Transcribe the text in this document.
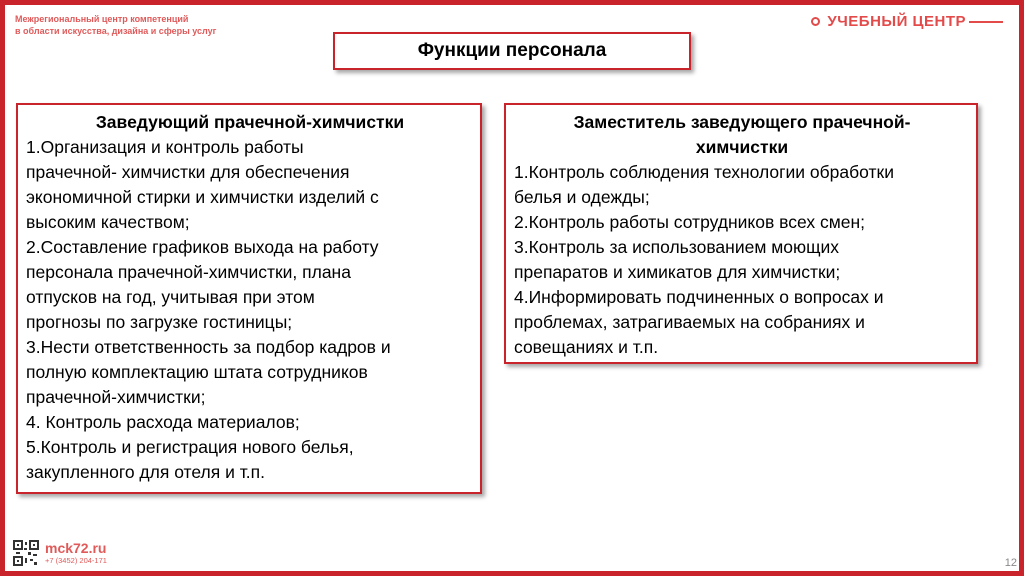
Межрегиональный центр компетенций
в области искусства, дизайна и сферы услуг
УЧЕБНЫЙ ЦЕНТР
Функции персонала
Заведующий прачечной-химчистки
1.Организация и контроль работы
прачечной- химчистки для обеспечения
экономичной стирки и химчистки изделий с
высоким качеством;
2.Составление графиков выхода на работу
персонала прачечной-химчистки, плана
отпусков на год, учитывая при этом
прогнозы по загрузке гостиницы;
3.Нести ответственность за подбор кадров и
полную комплектацию штата сотрудников
прачечной-химчистки;
4. Контроль расхода материалов;
5.Контроль и регистрация нового белья,
закупленного для отеля и т.п.
Заместитель заведующего прачечной-
химчистки
1.Контроль соблюдения технологии обработки
белья и одежды;
2.Контроль работы сотрудников всех смен;
3.Контроль за использованием моющих
препаратов и химикатов для химчистки;
4.Информировать подчиненных о вопросах и
проблемах, затрагиваемых на собраниях и
совещаниях и т.п.
mck72.ru
+7 (3452) 204-171	12
